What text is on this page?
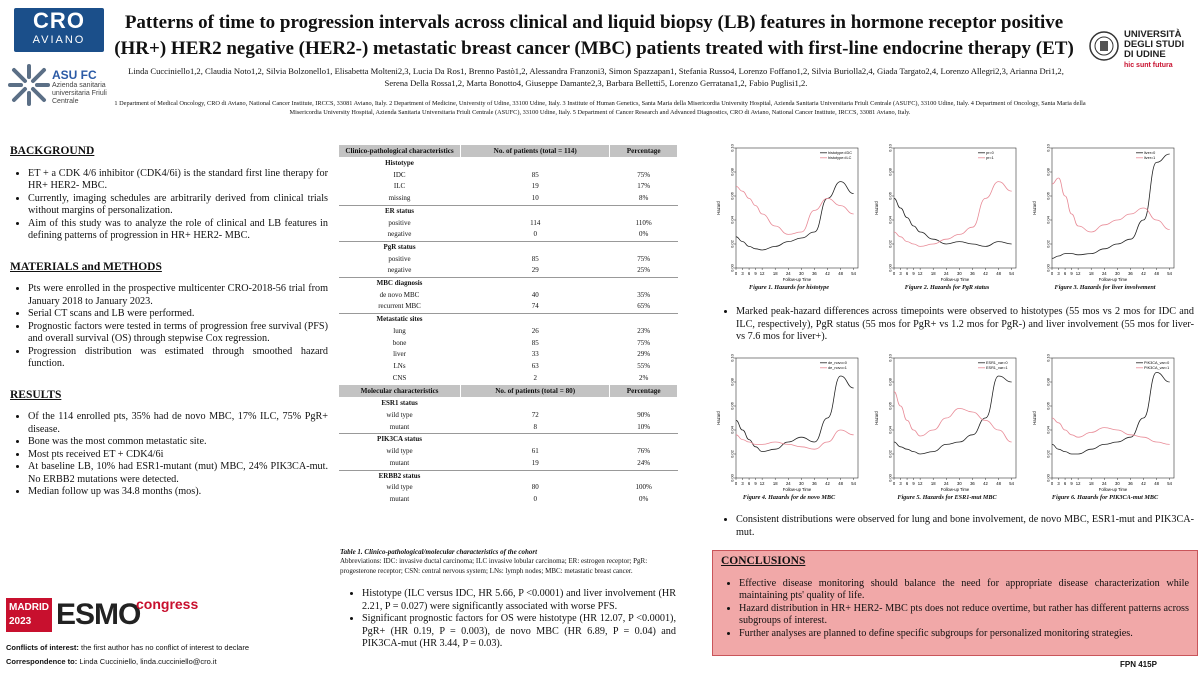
CRO
AVIANO
ASU FC
Azienda sanitaria universitaria Friuli Centrale
Patterns of time to progression intervals across clinical and liquid biopsy (LB) features in hormone receptor positive (HR+) HER2 negative (HER2-) metastatic breast cancer (MBC) patients treated with first-line endocrine therapy (ET)
Linda Cucciniello1,2, Claudia Noto1,2, Silvia Bolzonello1, Elisabetta Molteni2,3, Lucia Da Ros1, Brenno Pastò1,2, Alessandra Franzoni3, Simon Spazzapan1, Stefania Russo4, Lorenzo Foffano1,2, Silvia Buriolla2,4, Giada Targato2,4, Lorenzo Allegri2,3, Arianna Dri1,2, Serena Della Rossa1,2, Marta Bonotto4, Giuseppe Damante2,3, Barbara Belletti5, Lorenzo Gerratana1,2, Fabio Puglisi1,2.
1 Department of Medical Oncology, CRO di Aviano, National Cancer Institute, IRCCS, 33081 Aviano, Italy. 2 Department of Medicine, University of Udine, 33100 Udine, Italy. 3 Institute of Human Genetics, Santa Maria della Misericordia University Hospital, Azienda Sanitaria Universitaria Friuli Centrale (ASUFC), 33100 Udine, Italy. 4 Department of Oncology, Santa Maria della Misericordia University Hospital, Azienda Sanitaria Universitaria Friuli Centrale (ASUFC), 33100 Udine, Italy. 5 Department of Cancer Research and Advanced Diagnostics, CRO di Aviano, National Cancer Institute, IRCCS, 33081 Aviano, Italy.
UNIVERSITÀ
DEGLI STUDI
DI UDINE
hic sunt futura
BACKGROUND
• ET + a CDK 4/6 inhibitor (CDK4/6i) is the standard first line therapy for HR+ HER2- MBC.
• Currently, imaging schedules are arbitrarily derived from clinical trials without margins of personalization.
• Aim of this study was to analyze the role of clinical and LB features in defining patterns of progression in HR+ HER2- MBC.
MATERIALS and METHODS
• Pts were enrolled in the prospective multicenter CRO-2018-56 trial from January 2018 to January 2023.
• Serial CT scans and LB were performed.
• Prognostic factors were tested in terms of progression free survival (PFS) and overall survival (OS) through stepwise Cox regression.
• Progression distribution was estimated through smoothed hazard function.
RESULTS
• Of the 114 enrolled pts, 35% had de novo MBC, 17% ILC, 75% PgR+ disease.
• Bone was the most common metastatic site.
• Most pts received ET + CDK4/6i
• At baseline LB, 10% had ESR1-mutant (mut) MBC, 24% PIK3CA-mut. No ERBB2 mutations were detected.
• Median follow up was 34.8 months (mos).
MADRID
2023 ESMO
congress
Conflicts of interest: the first author has no conflict of interest to declare
Correspondence to: Linda Cucciniello, linda.cucciniello@cro.it
Clinico-pathological characteristics	No. of patients (total = 114)	Percentage
Histotype		
IDC	85	75%
ILC	19	17%
missing	10	8%
ER status		
positive	114	110%
negative	0	0%
PgR status		
positive	85	75%
negative	29	25%
MBC diagnosis		
de novo MBC	40	35%
recurrent MBC	74	65%
Metastatic sites		
lung	26	23%
bone	85	75%
liver	33	29%
LNs	63	55%
CNS	2	2%
Molecular characteristics	No. of patients (total = 80)	Percentage
ESR1 status		
wild type	72	90%
mutant	8	10%
PIK3CA status		
wild type	61	76%
mutant	19	24%
ERBB2 status		
wild type	80	100%
mutant	0	0%
Table 1. Clinico-pathological/molecular characteristics of the cohort
Abbreviations: IDC: invasive ductal carcinoma; ILC invasive lobular carcinoma; ER: estrogen receptor; PgR: progesterone receptor; CSN: central nervous system; LNs: lymph nodes; MBC: metastatic breast cancer.
• Histotype (ILC versus IDC, HR 5.66, P <0.0001) and liver involvement (HR 2.21, P = 0.027) were significantly associated with worse PFS.
• Significant prognostic factors for OS were histotype (HR 12.07, P <0.0001), PgR+ (HR 0.19, P = 0.003), de novo MBC (HR 6.89, P = 0.04) and PIK3CA-mut (HR 3.44, P = 0.03).
0.00
0.02
0.04
0.06
0.08
0.10
0 3 6 9 12 18 24 30 36 42 48 54
Follow-up Time
Hazard
histotype=IDC
histotype=ILC
Figure 1. Hazards for histotype
0.00
0.02
0.04
0.06
0.08
0.10
0 3 6 9 12 18 24 30 36 42 48 54
Follow-up Time
Hazard
pr=0
pr=1
Figure 2. Hazards for PgR status
0.00
0.02
0.04
0.06
0.08
0.10
0 3 6 9 12 18 24 30 36 42 48 54
Follow-up Time
Hazard
liver=0
liver=1
Figure 3. Hazards for liver involvement
0.00
0.02
0.04
0.06
0.08
0.10
0 3 6 9 12 18 24 30 36 42 48 54
Follow-up Time
Hazard
de_novo=0
de_novo=1
Figure 4. Hazards for de novo MBC
0.00
0.02
0.04
0.06
0.08
0.10
0 3 6 9 12 18 24 30 36 42 48 54
Follow-up Time
Hazard
ESR1_var=0
ESR1_var=1
Figure 5. Hazards for ESR1-mut MBC
0.00
0.02
0.04
0.06
0.08
0.10
0 3 6 9 12 18 24 30 36 42 48 54
Follow-up Time
Hazard
PIK3CA_var=0
PIK3CA_var=1
Figure 6. Hazards for PIK3CA-mut MBC
• Marked peak-hazard differences across timepoints were observed to histotypes (55 mos vs 2 mos for IDC and ILC, respectively), PgR status (55 mos for PgR+ vs 1.2 mos for PgR-) and liver involvement (55 mos for liver- vs 7.6 mos for liver+).
• Consistent distributions were observed for lung and bone involvement, de novo MBC, ESR1-mut and PIK3CA-mut.
CONCLUSIONS
• Effective disease monitoring should balance the need for appropriate disease characterization while maintaining pts' quality of life.
• Hazard distribution in HR+ HER2- MBC pts does not reduce overtime, but rather has different patterns across subgroups of interest.
• Further analyses are planned to define specific subgroups for personalized monitoring strategies.
FPN 415P
